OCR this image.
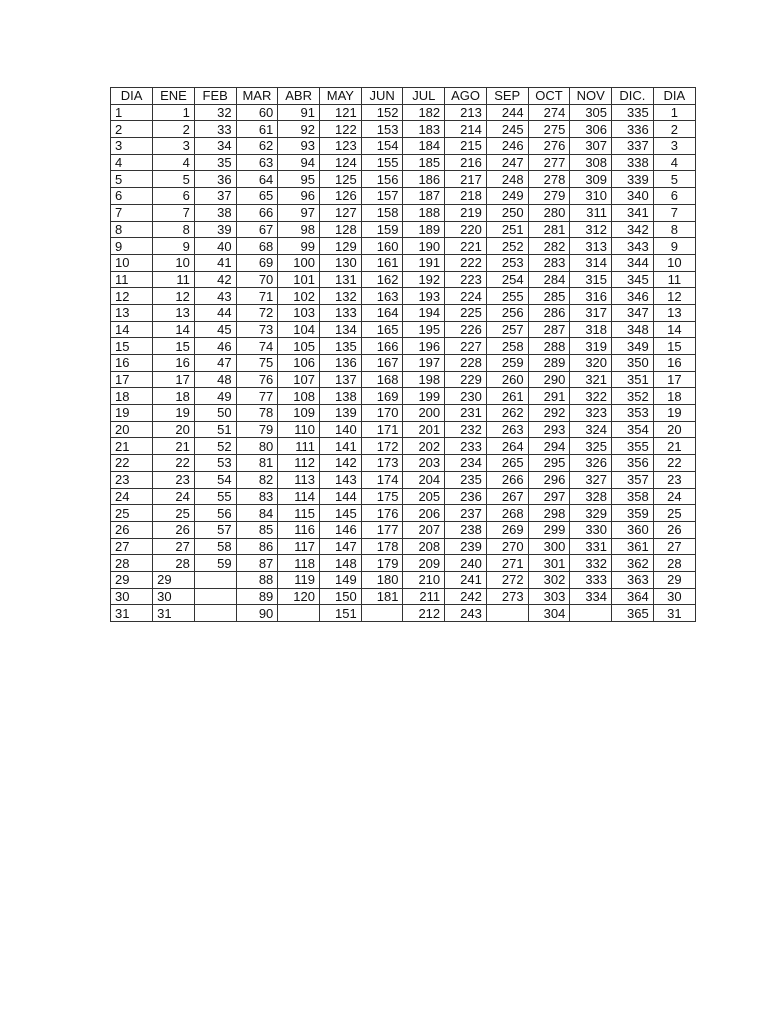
DIA	ENE	FEB	MAR	ABR	MAY	JUN	JUL	AGO	SEP	OCT	NOV	DIC.	DIA
1	1	32	60	91	121	152	182	213	244	274	305	335	1
2	2	33	61	92	122	153	183	214	245	275	306	336	2
3	3	34	62	93	123	154	184	215	246	276	307	337	3
4	4	35	63	94	124	155	185	216	247	277	308	338	4
5	5	36	64	95	125	156	186	217	248	278	309	339	5
6	6	37	65	96	126	157	187	218	249	279	310	340	6
7	7	38	66	97	127	158	188	219	250	280	311	341	7
8	8	39	67	98	128	159	189	220	251	281	312	342	8
9	9	40	68	99	129	160	190	221	252	282	313	343	9
10	10	41	69	100	130	161	191	222	253	283	314	344	10
11	11	42	70	101	131	162	192	223	254	284	315	345	11
12	12	43	71	102	132	163	193	224	255	285	316	346	12
13	13	44	72	103	133	164	194	225	256	286	317	347	13
14	14	45	73	104	134	165	195	226	257	287	318	348	14
15	15	46	74	105	135	166	196	227	258	288	319	349	15
16	16	47	75	106	136	167	197	228	259	289	320	350	16
17	17	48	76	107	137	168	198	229	260	290	321	351	17
18	18	49	77	108	138	169	199	230	261	291	322	352	18
19	19	50	78	109	139	170	200	231	262	292	323	353	19
20	20	51	79	110	140	171	201	232	263	293	324	354	20
21	21	52	80	111	141	172	202	233	264	294	325	355	21
22	22	53	81	112	142	173	203	234	265	295	326	356	22
23	23	54	82	113	143	174	204	235	266	296	327	357	23
24	24	55	83	114	144	175	205	236	267	297	328	358	24
25	25	56	84	115	145	176	206	237	268	298	329	359	25
26	26	57	85	116	146	177	207	238	269	299	330	360	26
27	27	58	86	117	147	178	208	239	270	300	331	361	27
28	28	59	87	118	148	179	209	240	271	301	332	362	28
29	29		88	119	149	180	210	241	272	302	333	363	29
30	30		89	120	150	181	211	242	273	303	334	364	30
31	31		90		151		212	243		304		365	31
